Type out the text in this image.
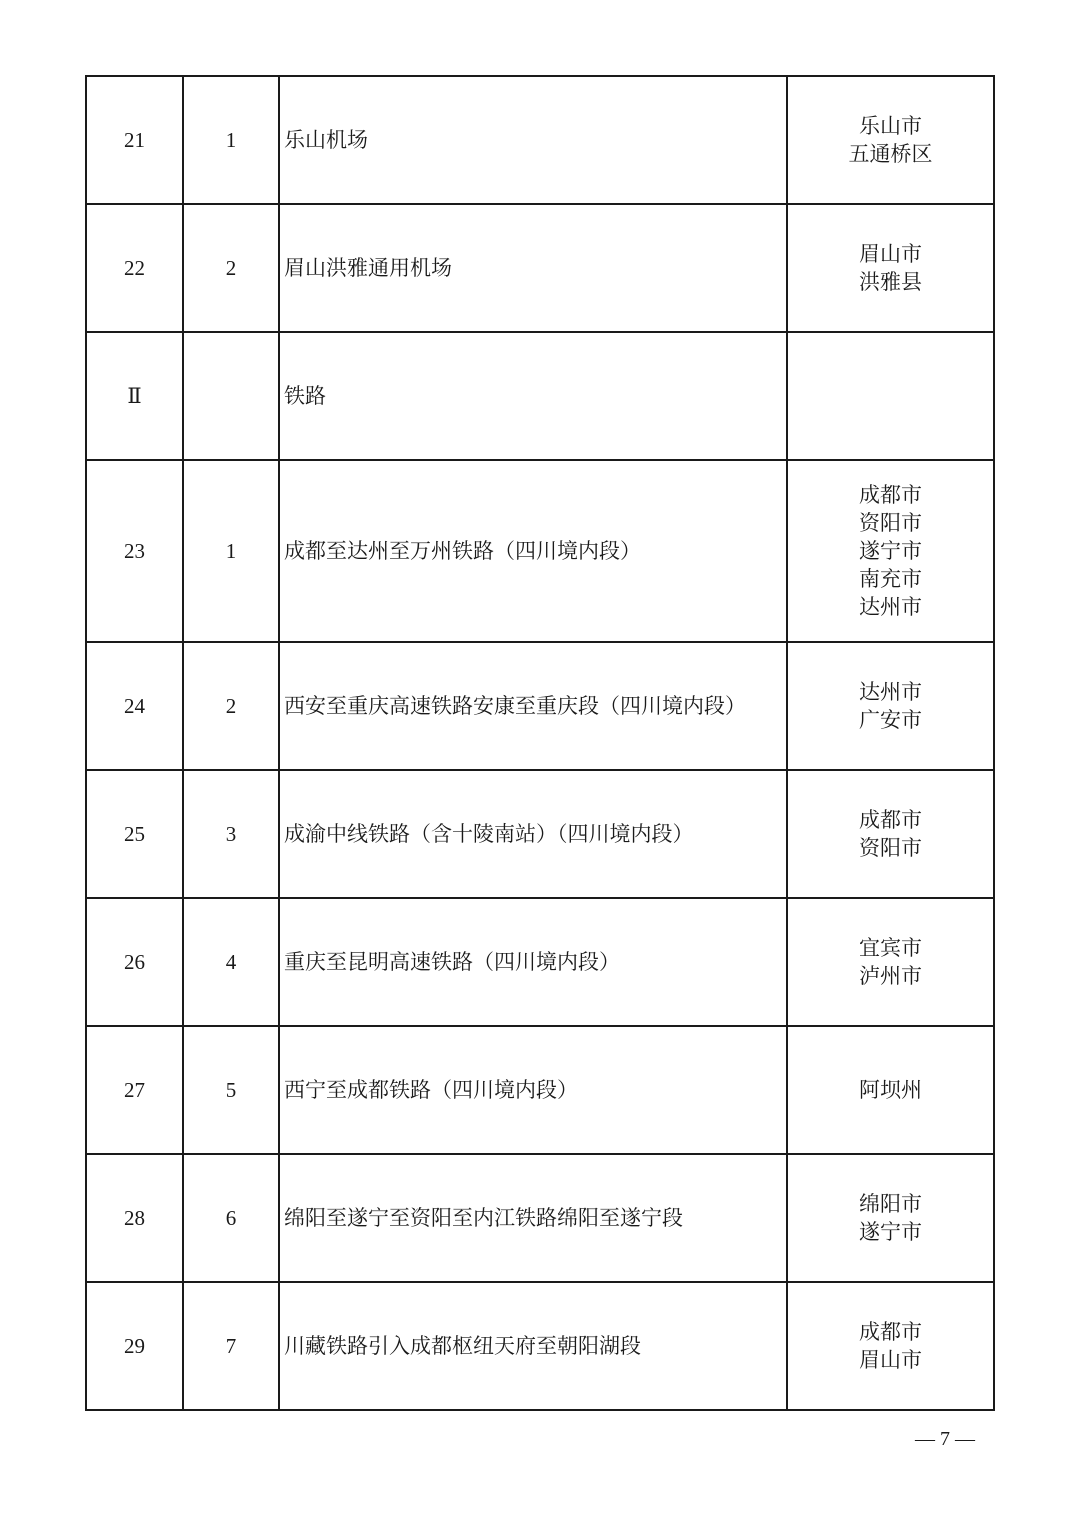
21	1	乐山机场	乐山市
五通桥区

22	2	眉山洪雅通用机场	眉山市
洪雅县

Ⅱ		铁路	
23	1	成都至达州至万州铁路（四川境内段）	成都市
资阳市
遂宁市
南充市
达州市

24	2	西安至重庆高速铁路安康至重庆段（四川境内段）	达州市
广安市

25	3	成渝中线铁路（含十陵南站）（四川境内段）	成都市
资阳市

26	4	重庆至昆明高速铁路（四川境内段）	宜宾市
泸州市

27	5	西宁至成都铁路（四川境内段）	阿坝州

28	6	绵阳至遂宁至资阳至内江铁路绵阳至遂宁段	绵阳市
遂宁市

29	7	川藏铁路引入成都枢纽天府至朝阳湖段	成都市
眉山市
— 7 —
